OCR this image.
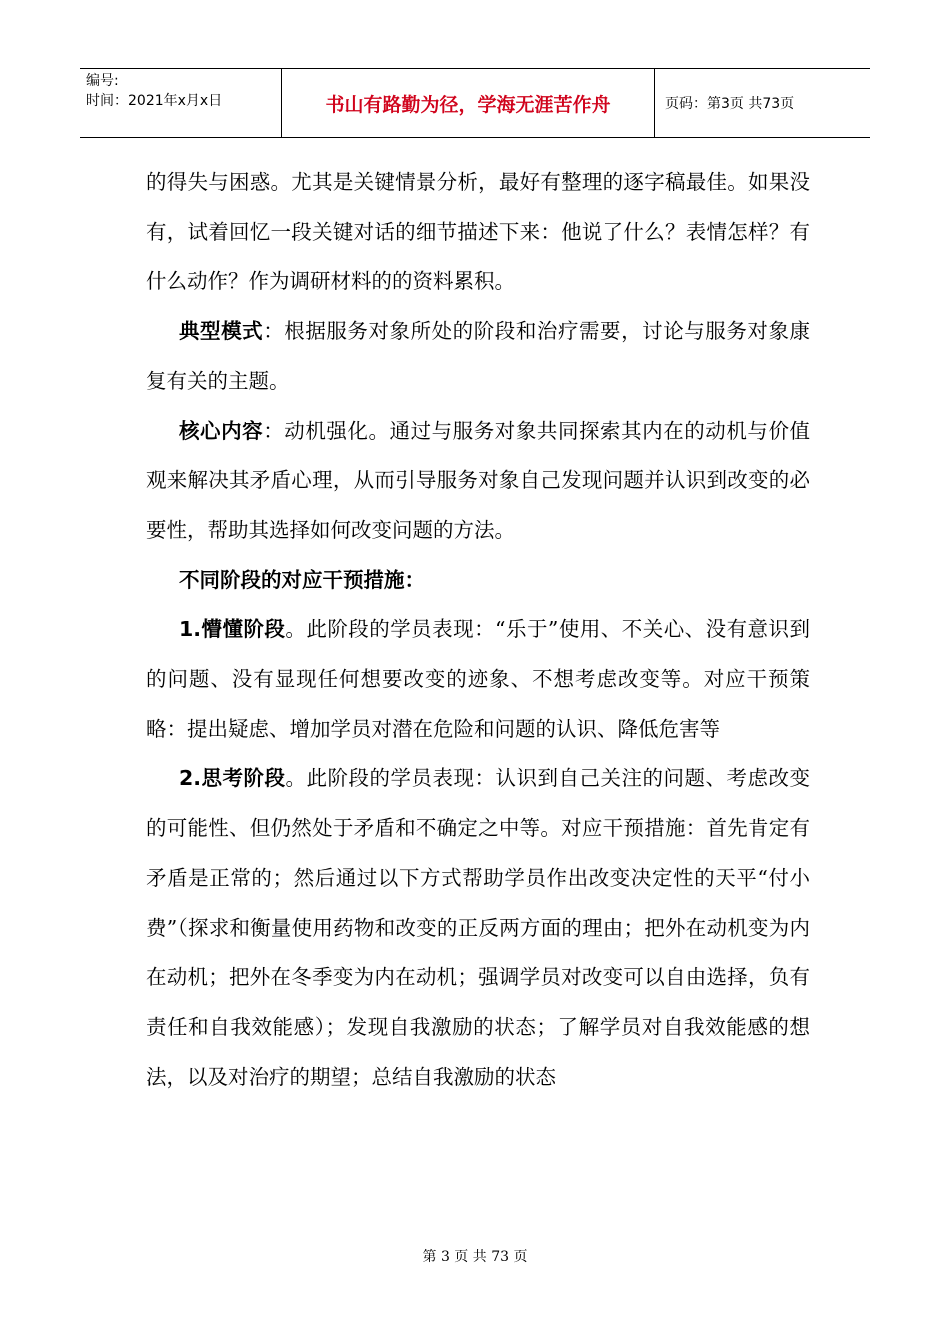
编号:
时间：2021年x月x日	书山有路勤为径，学海无涯苦作舟	页码：第3页 共73页

的得失与困惑。尤其是关键情景分析，最好有整理的逐字稿最佳。如果没有，试着回忆一段关键对话的细节描述下来：他说了什么？表情怎样？有什么动作？作为调研材料的的资料累积。

典型模式：根据服务对象所处的阶段和治疗需要，讨论与服务对象康复有关的主题。

核心内容：动机强化。通过与服务对象共同探索其内在的动机与价值观来解决其矛盾心理，从而引导服务对象自己发现问题并认识到改变的必要性，帮助其选择如何改变问题的方法。

不同阶段的对应干预措施：

1.懵懂阶段。此阶段的学员表现：“乐于”使用、不关心、没有意识到的问题、没有显现任何想要改变的迹象、不想考虑改变等。对应干预策略：提出疑虑、增加学员对潜在危险和问题的认识、降低危害等

2.思考阶段。此阶段的学员表现：认识到自己关注的问题、考虑改变的可能性、但仍然处于矛盾和不确定之中等。对应干预措施：首先肯定有矛盾是正常的；然后通过以下方式帮助学员作出改变决定性的天平“付小费”（探求和衡量使用药物和改变的正反两方面的理由；把外在动机变为内在动机；把外在冬季变为内在动机；强调学员对改变可以自由选择，负有责任和自我效能感）；发现自我激励的状态；了解学员对自我效能感的想法，以及对治疗的期望；总结自我激励的状态

第 3 页 共 73 页
